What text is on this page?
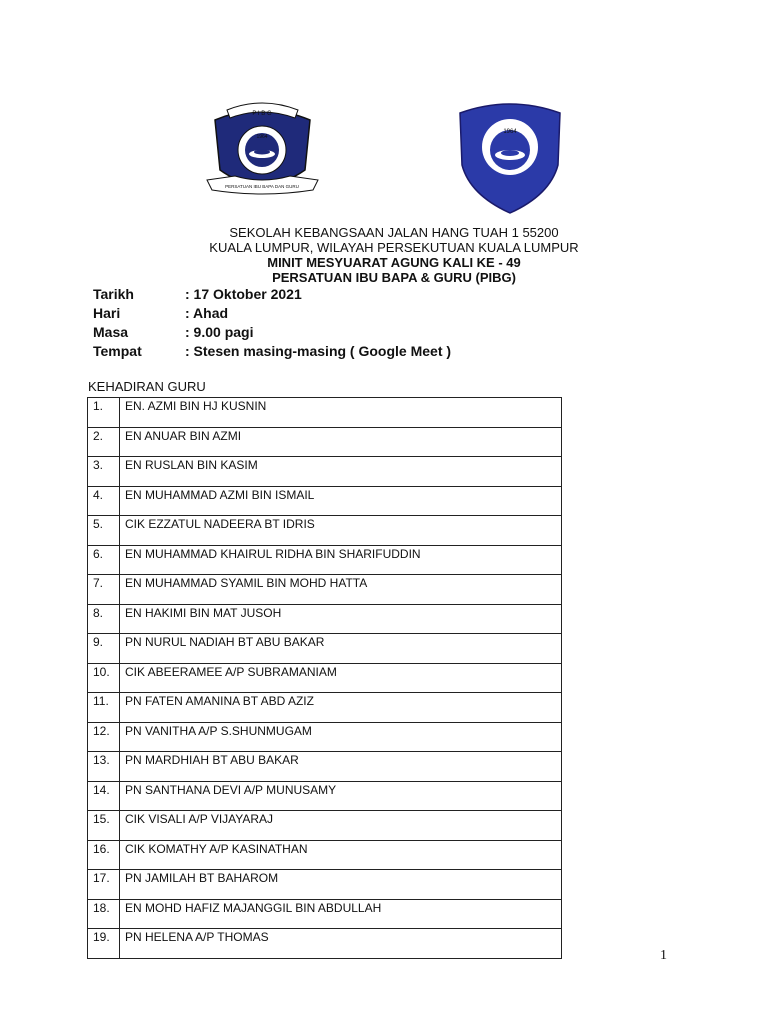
P I B G
1964
PERSATUAN IBU BAPA DAN GURU
1964
SEKOLAH KEBANGSAAN JALAN HANG TUAH 1 55200
KUALA LUMPUR, WILAYAH PERSEKUTUAN KUALA LUMPUR
MINIT MESYUARAT AGUNG KALI KE - 49
PERSATUAN IBU BAPA & GURU (PIBG)
Tarikh	: 17 Oktober 2021
Hari	: Ahad
Masa	: 9.00 pagi
Tempat	: Stesen masing-masing ( Google Meet )
KEHADIRAN GURU
1.	EN. AZMI BIN HJ KUSNIN
2.	EN ANUAR BIN AZMI
3.	EN RUSLAN BIN KASIM
4.	EN MUHAMMAD AZMI BIN ISMAIL
5.	CIK EZZATUL NADEERA BT IDRIS
6.	EN MUHAMMAD KHAIRUL RIDHA BIN SHARIFUDDIN
7.	EN MUHAMMAD SYAMIL BIN MOHD HATTA
8.	EN HAKIMI BIN MAT JUSOH
9.	PN NURUL NADIAH BT ABU BAKAR
10.	CIK ABEERAMEE A/P SUBRAMANIAM
11.	PN FATEN AMANINA BT ABD AZIZ
12.	PN VANITHA A/P S.SHUNMUGAM
13.	PN MARDHIAH BT ABU BAKAR
14.	PN SANTHANA DEVI A/P MUNUSAMY
15.	CIK VISALI A/P VIJAYARAJ
16.	CIK KOMATHY A/P KASINATHAN
17.	PN JAMILAH BT BAHAROM
18.	EN MOHD HAFIZ MAJANGGIL BIN ABDULLAH
19.	PN HELENA A/P THOMAS
1
